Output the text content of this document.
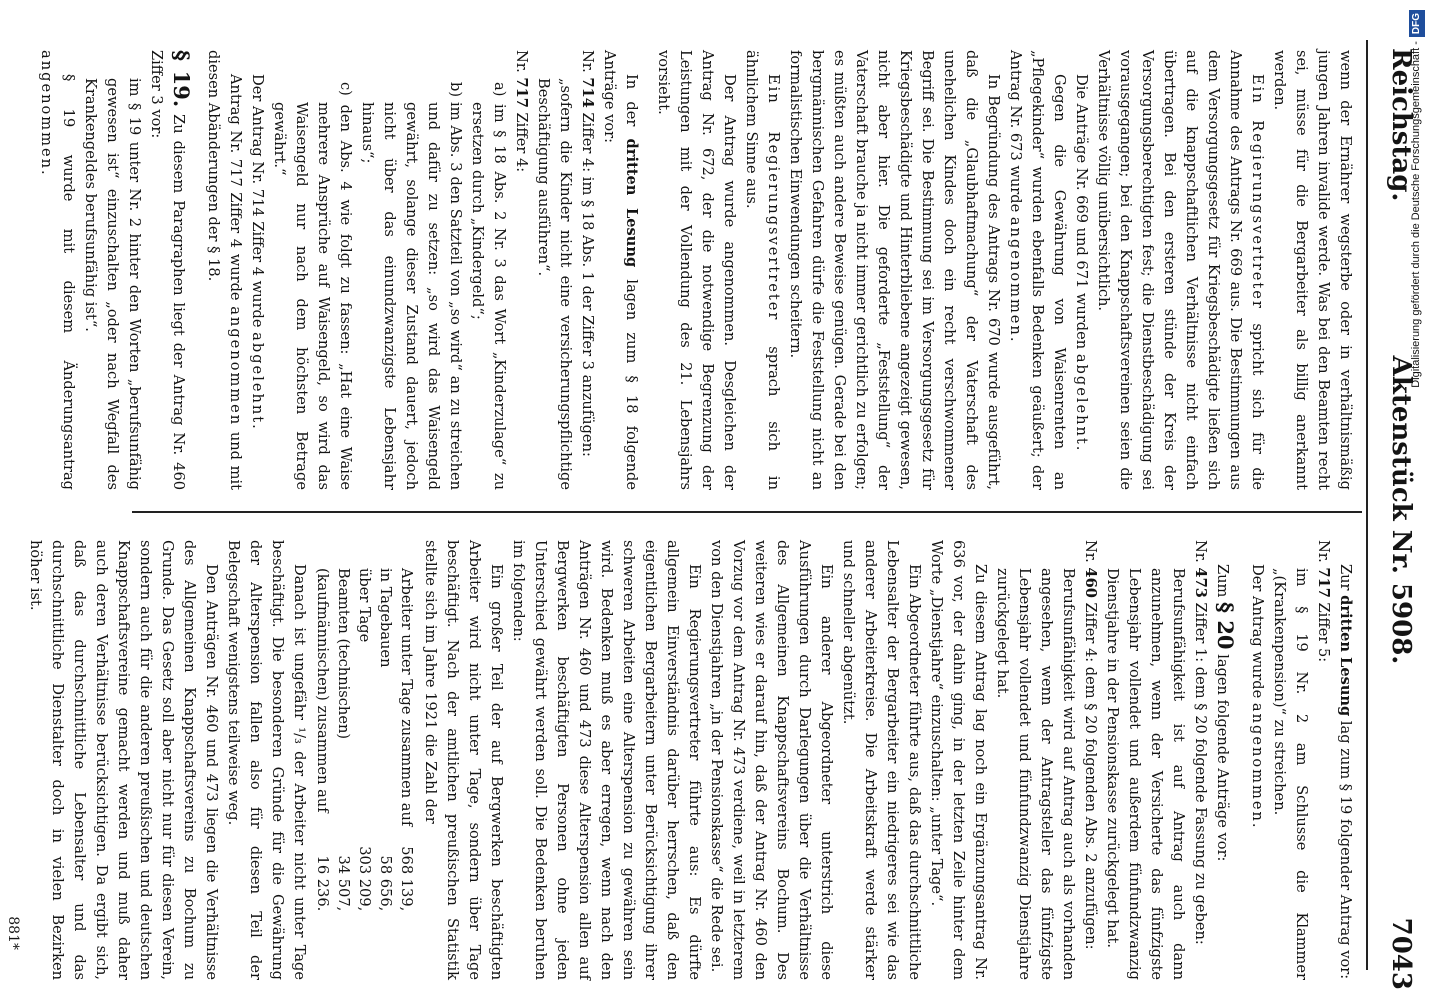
Reichstag.
Aktenstück Nr. 5908.
7043

wenn der Ernährer wegsterbe oder in verhältnismäßig jungen Jahren invalide werde. Was bei den Beamten recht sei, müsse für die Bergarbeiter als billig anerkannt werden.

Ein Regierungsvertreter spricht sich für die Annahme des Antrags Nr. 669 aus. Die Bestimmungen aus dem Versorgungsgesetz für Kriegsbeschädigte ließen sich auf die knappschaftlichen Verhältnisse nicht einfach übertragen. Bei den ersteren stünde der Kreis der Versorgungsberechtigten fest; die Dienstbeschädigung sei vorausgegangen; bei den Knappschaftsvereinen seien die Verhältnisse völlig unübersichtlich.

Die Anträge Nr. 669 und 671 wurden abgelehnt.

Gegen die Gewährung von Waisenrenten an „Pflegekinder“ wurden ebenfalls Bedenken geäußert; der Antrag Nr. 673 wurde angenommen.

In Begründung des Antrags Nr. 670 wurde ausgeführt, daß die „Glaubhaftmachung“ der Vaterschaft des unehelichen Kindes doch ein recht verschwommener Begriff sei. Die Bestimmung sei im Versorgungsgesetz für Kriegsbeschädigte und Hinterbliebene angezeigt gewesen, nicht aber hier. Die geforderte „Feststellung“ der Vaterschaft brauche ja nicht immer gerichtlich zu erfolgen; es müßten auch andere Beweise genügen. Gerade bei den bergmännischen Gefahren dürfe die Feststellung nicht an formalistischen Einwendungen scheitern.

Ein Regierungsvertreter sprach sich in ähnlichem Sinne aus.

Der Antrag wurde angenommen. Desgleichen der Antrag Nr. 672, der die notwendige Begrenzung der Leistungen mit der Vollendung des 21. Lebensjahrs vorsieht.

In der dritten Lesung lagen zum § 18 folgende Anträge vor:

Nr. 714 Ziffer 4: im § 18 Abs. 1 der Ziffer 3 anzufügen:

„sofern die Kinder nicht eine versicherungspflichtige Beschäftigung ausführen“.

Nr. 717 Ziffer 4:

a) im § 18 Abs. 2 Nr. 3 das Wort „Kinderzulage“ zu ersetzen durch „Kindergeld“;

b) im Abs. 3 den Satzteil von „so wird“ an zu streichen und dafür zu setzen: „so wird das Waisengeld gewährt, solange dieser Zustand dauert, jedoch nicht über das einundzwanzigste Lebensjahr hinaus“;

c) den Abs. 4 wie folgt zu fassen: „Hat eine Waise mehrere Ansprüche auf Waisengeld, so wird das Waisengeld nur nach dem höchsten Betrage gewährt.“

Der Antrag Nr. 714 Ziffer 4 wurde abgelehnt.

Antrag Nr. 717 Ziffer 4 wurde angenommen und mit diesen Abänderungen der § 18.

§ 19. Zu diesem Paragraphen liegt der Antrag Nr. 460 Ziffer 3 vor:

im § 19 unter Nr. 2 hinter den Worten „berufsunfähig gewesen ist“ einzuschalten „oder nach Wegfall des Krankengeldes berufsunfähig ist“.

§ 19 wurde mit diesem Änderungsantrag angenommen.

Zur dritten Lesung lag zum § 19 folgender Antrag vor:

Nr. 717 Ziffer 5:

im § 19 Nr. 2 am Schlusse die Klammer „(Krankenpension)“ zu streichen.

Der Antrag wurde angenommen.

Zum § 20 lagen folgende Anträge vor:

Nr. 473 Ziffer 1: dem § 20 folgende Fassung zu geben:

Berufsunfähigkeit ist auf Antrag auch dann anzunehmen, wenn der Versicherte das fünfzigste Lebensjahr vollendet und außerdem fünfundzwanzig Dienstjahre in der Pensionskasse zurückgelegt hat.

Nr. 460 Ziffer 4: dem § 20 folgenden Abs. 2 anzufügen:

Berufsunfähigkeit wird auf Antrag auch als vorhanden angesehen, wenn der Antragsteller das fünfzigste Lebensjahr vollendet und fünfundzwanzig Dienstjahre zurückgelegt hat.

Zu diesem Antrag lag noch ein Ergänzungsantrag Nr. 636 vor, der dahin ging, in der letzten Zeile hinter dem Worte „Dienstjahre“ einzuschalten: „unter Tage“.

Ein Abgeordneter führte aus, daß das durchschnittliche Lebensalter der Bergarbeiter ein niedrigeres sei wie das anderer Arbeiterkreise. Die Arbeitskraft werde stärker und schneller abgenützt.

Ein anderer Abgeordneter unterstrich diese Ausführungen durch Darlegungen über die Verhältnisse des Allgemeinen Knappschaftsvereins Bochum. Des weiteren wies er darauf hin, daß der Antrag Nr. 460 den Vorzug vor dem Antrag Nr. 473 verdiene, weil in letzterem von den Dienstjahren „in der Pensionskasse“ die Rede sei.

Ein Regierungsvertreter führte aus: Es dürfte allgemein Einverständnis darüber herrschen, daß den eigentlichen Bergarbeitern unter Berücksichtigung ihrer schweren Arbeiten eine Alterspension zu gewähren sein wird. Bedenken muß es aber erregen, wenn nach den Anträgen Nr. 460 und 473 diese Alterspension allen auf Bergwerken beschäftigten Personen ohne jeden Unterschied gewährt werden soll. Die Bedenken beruhen im folgenden:

Ein großer Teil der auf Bergwerken beschäftigten Arbeiter wird nicht unter Tage, sondern über Tage beschäftigt. Nach der amtlichen preußischen Statistik stellte sich im Jahre 1921 die Zahl der

Arbeiter unter Tage zusammen auf	568 139,
in Tagebauen	58 656,
über Tage	303 209,
Beamten (technischen)	34 507,
(kaufmännischen) zusammen auf	16 236.

Danach ist ungefähr ¹/₃ der Arbeiter nicht unter Tage beschäftigt. Die besonderen Gründe für die Gewährung der Alterspension fallen also für diesen Teil der Belegschaft wenigstens teilweise weg.

Den Anträgen Nr. 460 und 473 liegen die Verhältnisse des Allgemeinen Knappschaftsvereins zu Bochum zu Grunde. Das Gesetz soll aber nicht nur für diesen Verein, sondern auch für die anderen preußischen und deutschen Knappschaftsvereine gemacht werden und muß daher auch deren Verhältnisse berücksichtigen. Da ergibt sich, daß das durchschnittliche Lebensalter und das durchschnittliche Dienstalter doch in vielen Bezirken höher ist.

881*

Digitalisierung gefördert durch die Deutsche Forschungsgemeinschaft -DFG
